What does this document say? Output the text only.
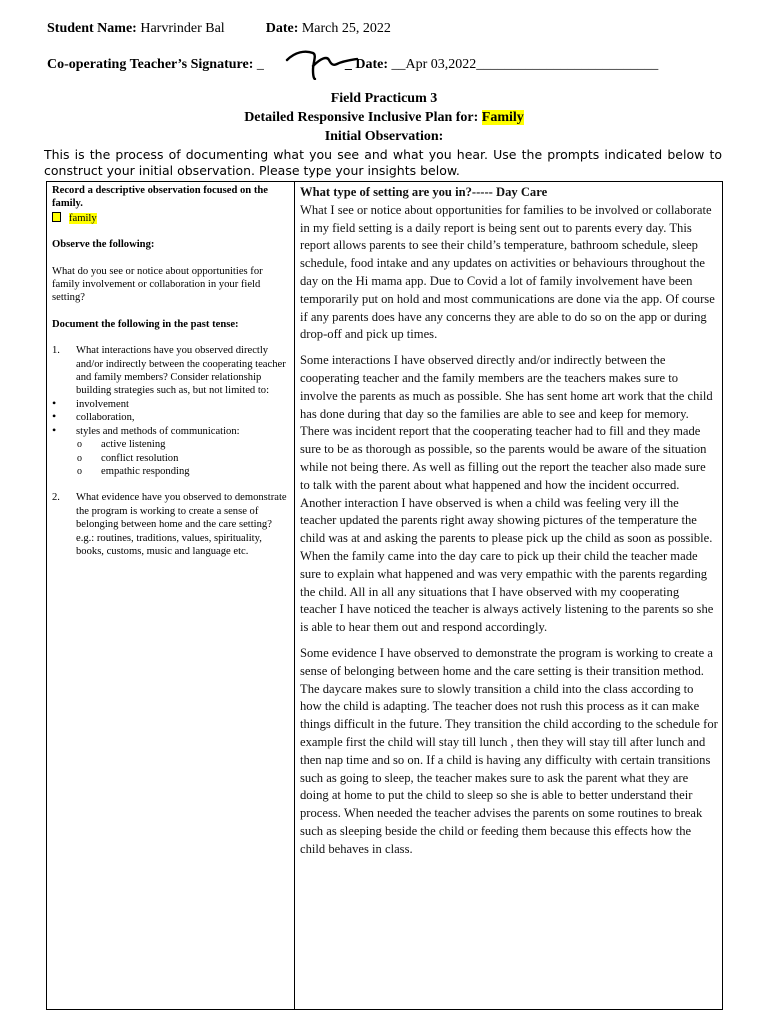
Student Name: Harvrinder Bal	Date: March 25, 2022
Co-operating Teacher’s Signature: _	_ Date: __Apr 03,2022__________________________
Field Practicum 3
Detailed Responsive Inclusive Plan for: Family
Initial Observation:
This is the process of documenting what you see and what you hear. Use the prompts indicated below to
construct your initial observation. Please type your insights below.

Record a descriptive observation focused on the family.

family

Observe the following:

What do you see or notice about opportunities for family involvement or collaboration in your field setting?

Document the following in the past tense:

1. What interactions have you observed directly and/or indirectly between the cooperating teacher and family members? Consider relationship building strategies such as, but not limited to:
• involvement
• collaboration,
• styles and methods of communication:
o active listening
o conflict resolution
o empathic responding
2. What evidence have you observed to demonstrate the program is working to create a sense of belonging between home and the care setting? e.g.: routines, traditions, values, spirituality, books, customs, music and language etc.

What type of setting are you in?----- Day Care

What I see or notice about opportunities for families to be involved or collaborate in my field setting is a daily report is being sent out to parents every day. This report allows parents to see their child’s temperature, bathroom schedule, sleep schedule, food intake and any updates on activities or behaviours throughout the day on the Hi mama app. Due to Covid a lot of family involvement have been temporarily put on hold and most communications are done via the app. Of course if any parents does have any concerns they are able to do so on the app or during drop-off and pick up times.

Some interactions I have observed directly and/or indirectly between the cooperating teacher and the family members are the teachers makes sure to involve the parents as much as possible. She has sent home art work that the child has done during that day so the families are able to see and keep for memory. There was incident report that the cooperating teacher had to fill and they made sure to be as thorough as possible, so the parents would be aware of the situation while not being there. As well as filling out the report the teacher also made sure to talk with the parent about what happened and how the incident occurred. Another interaction I have observed is when a child was feeling very ill the teacher updated the parents right away showing pictures of the temperature the child was at and asking the parents to please pick up the child as soon as possible. When the family came into the day care to pick up their child the teacher made sure to explain what happened and was very empathic with the parents regarding the child. All in all any situations that I have observed with my cooperating teacher I have noticed the teacher is always actively listening to the parents so she is able to hear them out and respond accordingly.

Some evidence I have observed to demonstrate the program is working to create a sense of belonging between home and the care setting is their transition method. The daycare makes sure to slowly transition a child into the class according to how the child is adapting. The teacher does not rush this process as it can make things difficult in the future. They transition the child according to the schedule for example first the child will stay till lunch , then they will stay till after lunch and then nap time and so on. If a child is having any difficulty with certain transitions such as going to sleep, the teacher makes sure to ask the parent what they are doing at home to put the child to sleep so she is able to better understand their process. When needed the teacher advises the parents on some routines to break such as sleeping beside the child or feeding them because this effects how the child behaves in class.
